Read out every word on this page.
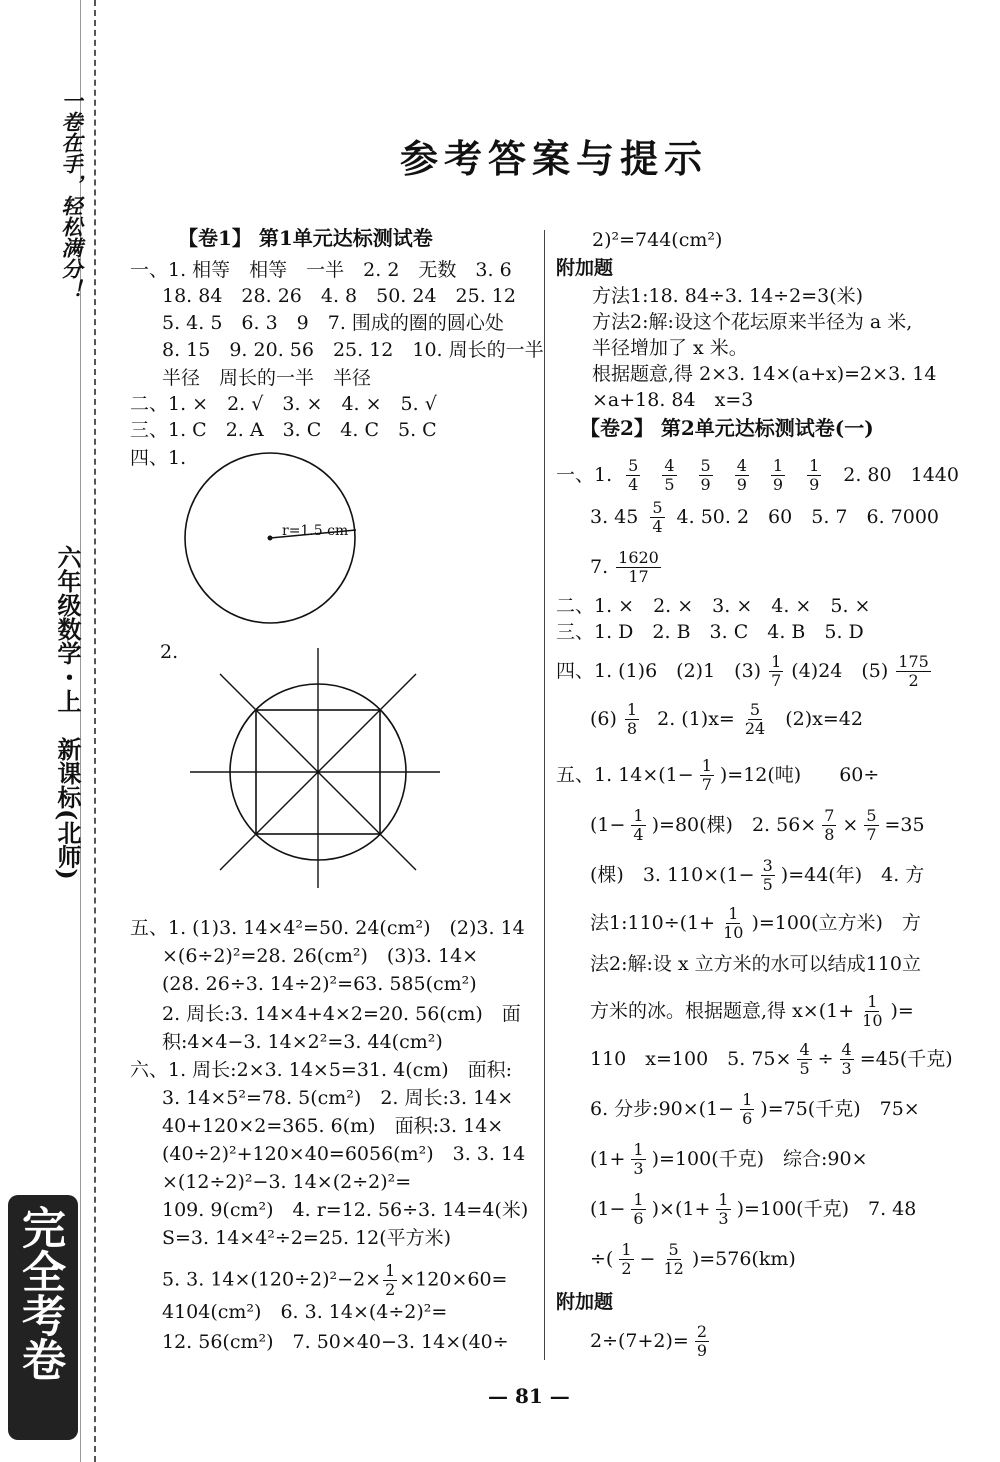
一卷在手，轻松满分！
六年级数学・上　新课标(北师)
完全考卷
参考答案与提示
【卷1】 第1单元达标测试卷
一、1. 相等　相等　一半　2. 2　无数　3. 6
18. 84　28. 26　4. 8　50. 24　25. 12
5. 4. 5　6. 3　9　7. 围成的圈的圆心处
8. 15　9. 20. 56　25. 12　10. 周长的一半
半径　周长的一半　半径
二、1. ×　2. √　3. ×　4. ×　5. √
三、1. C　2. A　3. C　4. C　5. C
四、1.
r=1.5 cm
2.
五、1. (1)3. 14×4²=50. 24(cm²)　(2)3. 14
×(6÷2)²=28. 26(cm²)　(3)3. 14×
(28. 26÷3. 14÷2)²=63. 585(cm²)
2. 周长:3. 14×4+4×2=20. 56(cm)　面
积:4×4−3. 14×2²=3. 44(cm²)
六、1. 周长:2×3. 14×5=31. 4(cm)　面积:
3. 14×5²=78. 5(cm²)　2. 周长:3. 14×
40+120×2=365. 6(m)　面积:3. 14×
(40÷2)²+120×40=6056(m²)　3. 3. 14
×(12÷2)²−3. 14×(2÷2)²=
109. 9(cm²)　4. r=12. 56÷3. 14=4(米)
S=3. 14×4²÷2=25. 12(平方米)
5. 3. $14\times(120\div 2)^2-2\times \frac{1}{2} \times 120\times 60=$
4104(cm²)　6. 3. 14×(4÷2)²=
12. 56(cm²)　7. 50×40−3. 14×(40÷
2)²=744(cm²)
附加题
方法1:18. 84÷3. 14÷2=3(米)
方法2:解:设这个花坛原来半径为 a 米,
半径增加了 x 米。
根据题意,得 2×3. 14×(a+x)=2×3. 14
×a+18. 84　x=3
【卷2】 第2单元达标测试卷(一)
一、1. $\frac{5}{4} \frac{4}{5} \frac{5}{9} \frac{4}{9} \frac{1}{9} \frac{1}{9} 2$. 80　1440
3. $45 \frac{5}{4} 4$. 50. 2　60　5. 7　6. 7000
7. $\frac{1620}{17}$
二、1. ×　2. ×　3. ×　4. ×　5. ×
三、1. D　2. B　3. C　4. B　5. D
四、1. (1)6　(2)1　$(3) \frac{1}{7} (4)24$　$(5) \frac{175}{2}$
$(6) \frac{1}{8} 2$. $(1)x= \frac{5}{24} (2)x=42$
五、1. $14\times(1- \frac{1}{7} )=12$(吨)　　60÷
$(1- \frac{1}{4} )=80$(棵)　2. $56\times \frac{7}{8} \times \frac{5}{7} =35$
(棵)　3. $110\times(1- \frac{3}{5} )=44$(年)　4. 方
法1:110÷(1+ $\frac{1}{10} )=100$(立方米)　方
法2:解:设 x 立方米的水可以结成110立
方米的冰。根据题意,得 $x\times(1+ \frac{1}{10}$ )=
110　x=100　5. $75\times \frac{4}{5} \div \frac{4}{3} =45$(千克)
6. 分步:90×(1− $\frac{1}{6} )=75$(千克)　75×
$(1+ \frac{1}{3} )=100$(千克)　综合:90×
$(1- \frac{1}{6} )\times(1+ \frac{1}{3} )=100$(千克)　7. 48
÷( $\frac{1}{2} - \frac{5}{12} )=576(km)$
附加题
$2\div(7+2)= \frac{2}{9}$
— 81 —
